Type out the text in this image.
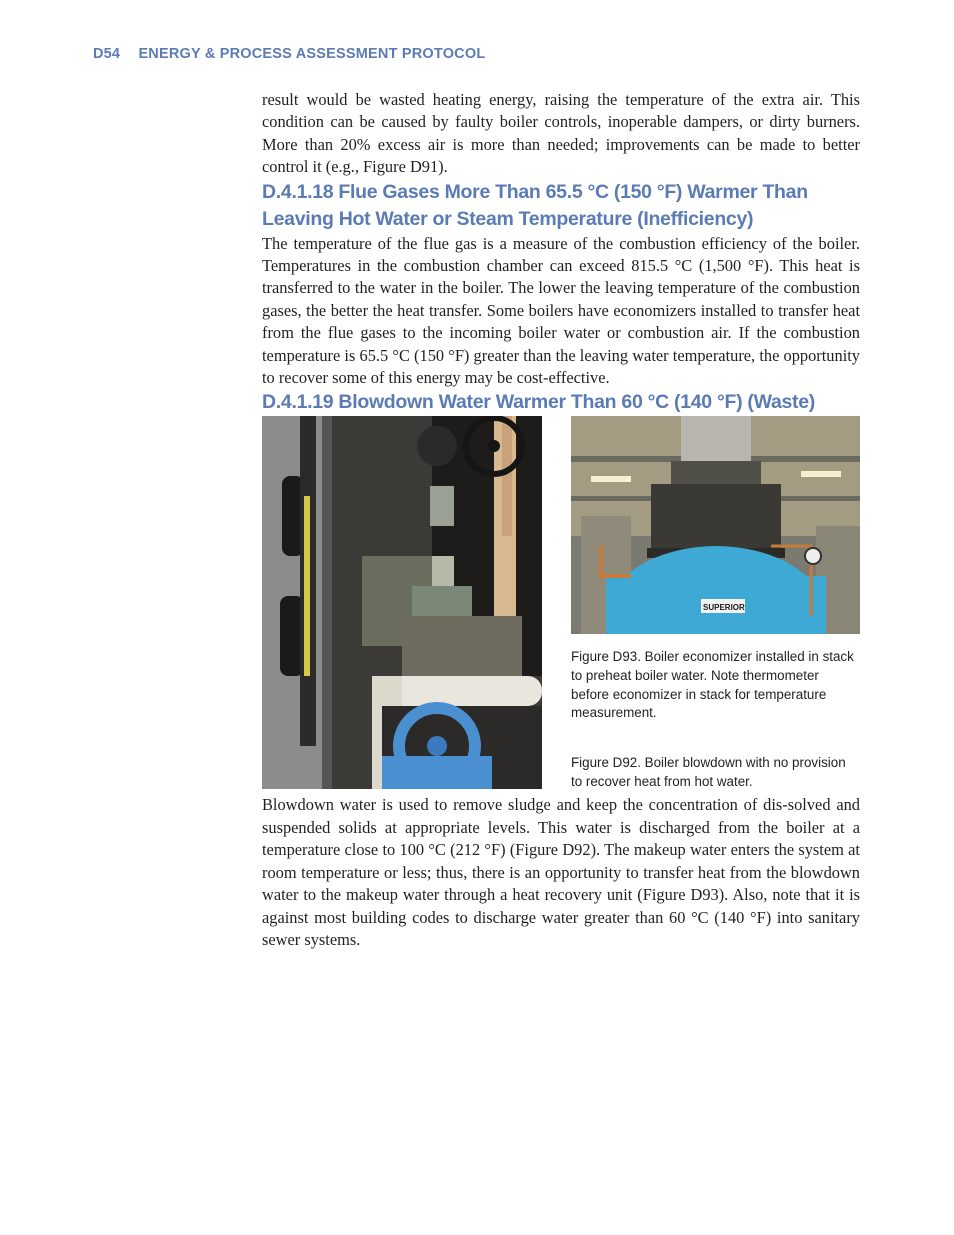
D54 ENERGY & PROCESS ASSESSMENT PROTOCOL

result would be wasted heating energy, raising the temperature of the extra air. This condition can be caused by faulty boiler controls, inoperable dampers, or dirty burners. More than 20% excess air is more than needed; improvements can be made to better control it (e.g., Figure D91).

D.4.1.18 Flue Gases More Than 65.5 °C (150 °F) Warmer Than Leaving Hot Water or Steam Temperature (Inefficiency)

The temperature of the flue gas is a measure of the combustion efficiency of the boiler. Temperatures in the combustion chamber can exceed 815.5 °C (1,500 °F). This heat is transferred to the water in the boiler. The lower the leaving temperature of the combustion gases, the better the heat transfer. Some boilers have economizers installed to transfer heat from the flue gases to the incoming boiler water or combustion air. If the combustion temperature is 65.5 °C (150 °F) greater than the leaving water temperature, the opportunity to recover some of this energy may be cost-effective.

D.4.1.19 Blowdown Water Warmer Than 60 °C (140 °F) (Waste)
SUPERIOR
Figure D93. Boiler economizer installed in stack to preheat boiler water. Note thermometer before economizer in stack for temperature measurement.
Figure D92. Boiler blowdown with no provision to recover heat from hot water.

Blowdown water is used to remove sludge and keep the concentration of dis-solved and suspended solids at appropriate levels. This water is discharged from the boiler at a temperature close to 100 °C (212 °F) (Figure D92). The makeup water enters the system at room temperature or less; thus, there is an opportunity to transfer heat from the blowdown water to the makeup water through a heat recovery unit (Figure D93). Also, note that it is against most building codes to discharge water greater than 60 °C (140 °F) into sanitary sewer systems.
